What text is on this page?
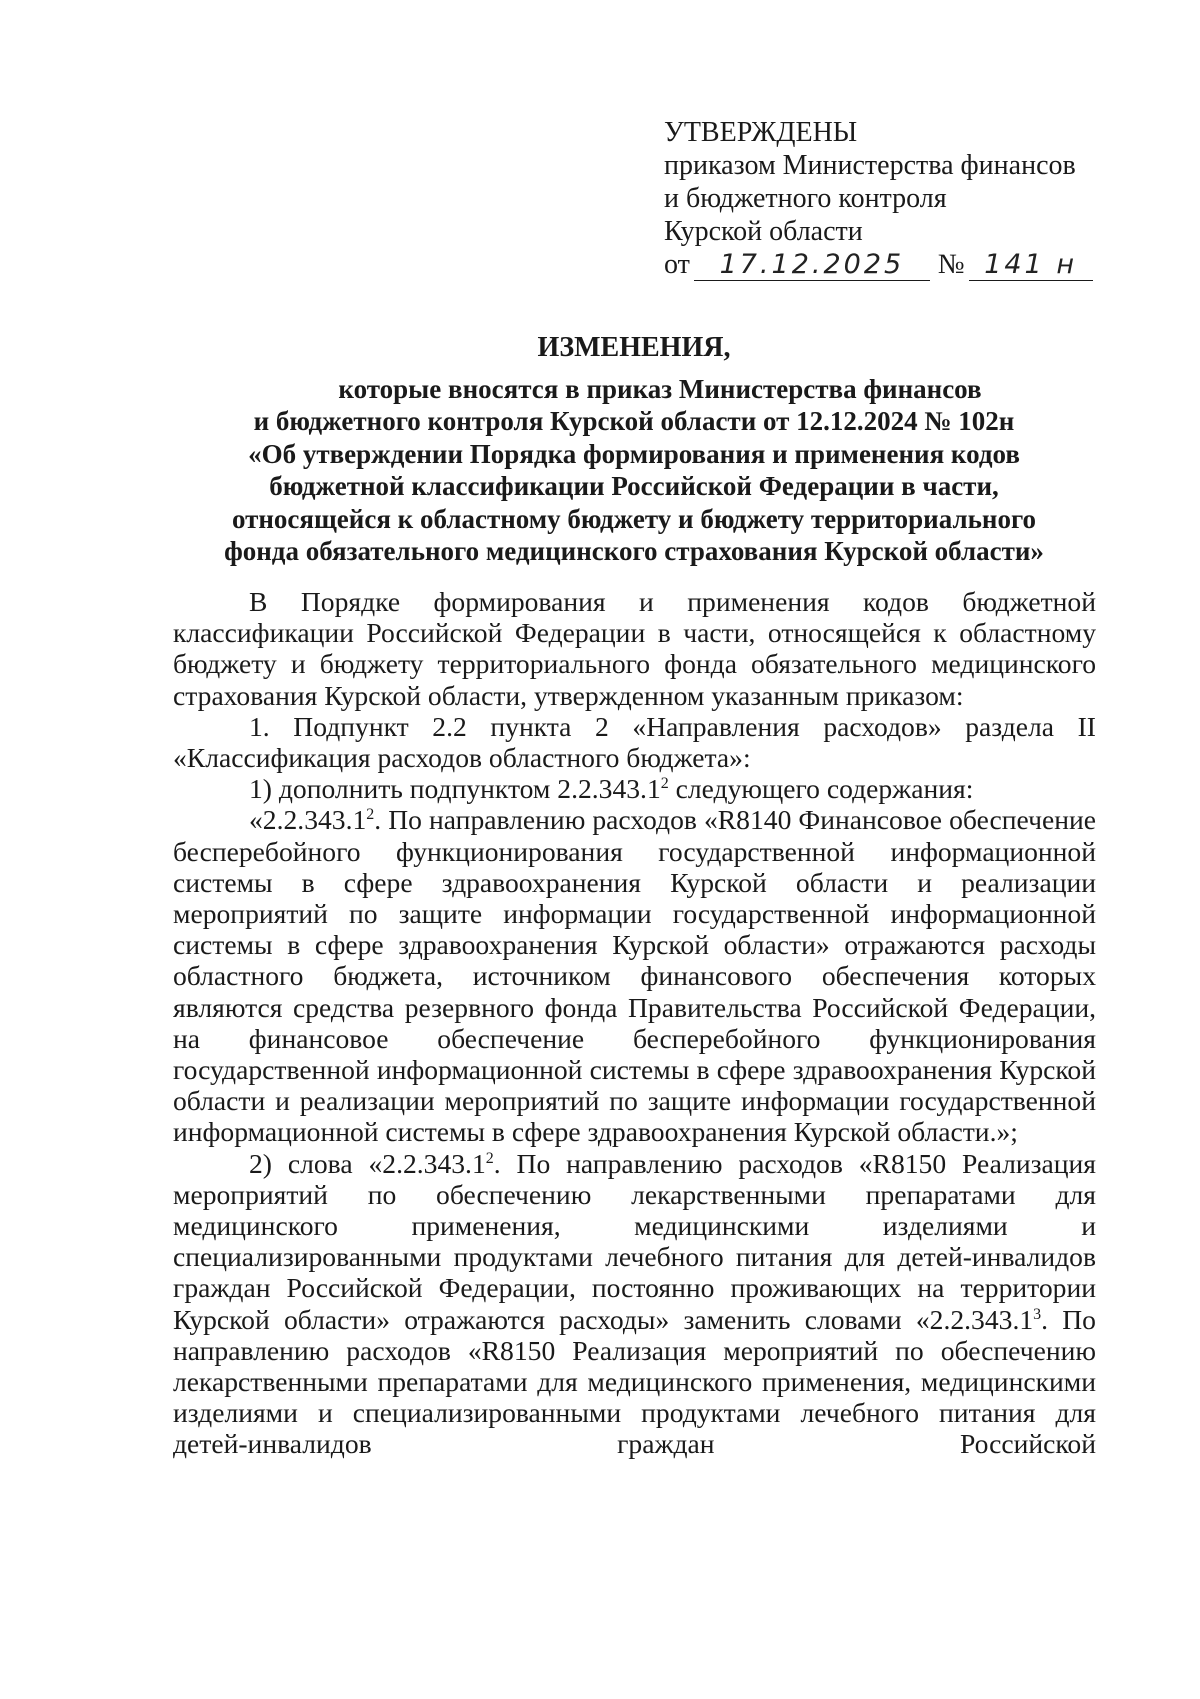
УТВЕРЖДЕНЫ
приказом Министерства финансов
и бюджетного контроля
Курской области
от	17.12.2025	№ 141 н
ИЗМЕНЕНИЯ,
которые вносятся в приказ Министерства финансов
и бюджетного контроля Курской области от 12.12.2024 № 102н
«Об утверждении Порядка формирования и применения кодов
бюджетной классификации Российской Федерации в части,
относящейся к областному бюджету и бюджету территориального
фонда обязательного медицинского страхования Курской области»

В Порядке формирования и применения кодов бюджетной классификации Российской Федерации в части, относящейся к областному бюджету и бюджету территориального фонда обязательного медицинского страхования Курской области, утвержденном указанным приказом:

1. Подпункт 2.2 пункта 2 «Направления расходов» раздела II «Классификация расходов областного бюджета»:

1) дополнить подпунктом 2.2.343.1$^2$ следующего содержания:

«2.2.343.1$^2$. По направлению расходов «R8140 Финансовое обеспечение бесперебойного функционирования государственной информационной системы в сфере здравоохранения Курской области и реализации мероприятий по защите информации государственной информационной системы в сфере здравоохранения Курской области» отражаются расходы областного бюджета, источником финансового обеспечения которых являются средства резервного фонда Правительства Российской Федерации, на финансовое обеспечение бесперебойного функционирования государственной информационной системы в сфере здравоохранения Курской области и реализации мероприятий по защите информации государственной информационной системы в сфере здравоохранения Курской области.»;

2) слова «2.2.343.1$^2$. По направлению расходов «R8150 Реализация мероприятий по обеспечению лекарственными препаратами для медицинского применения, медицинскими изделиями и специализированными продуктами лечебного питания для детей-инвалидов граждан Российской Федерации, постоянно проживающих на территории Курской области» отражаются расходы» заменить словами «2.2.343.1$^3$. По направлению расходов «R8150 Реализация мероприятий по обеспечению лекарственными препаратами для медицинского применения, медицинскими изделиями и специализированными продуктами лечебного питания для детей-инвалидов граждан Российской
